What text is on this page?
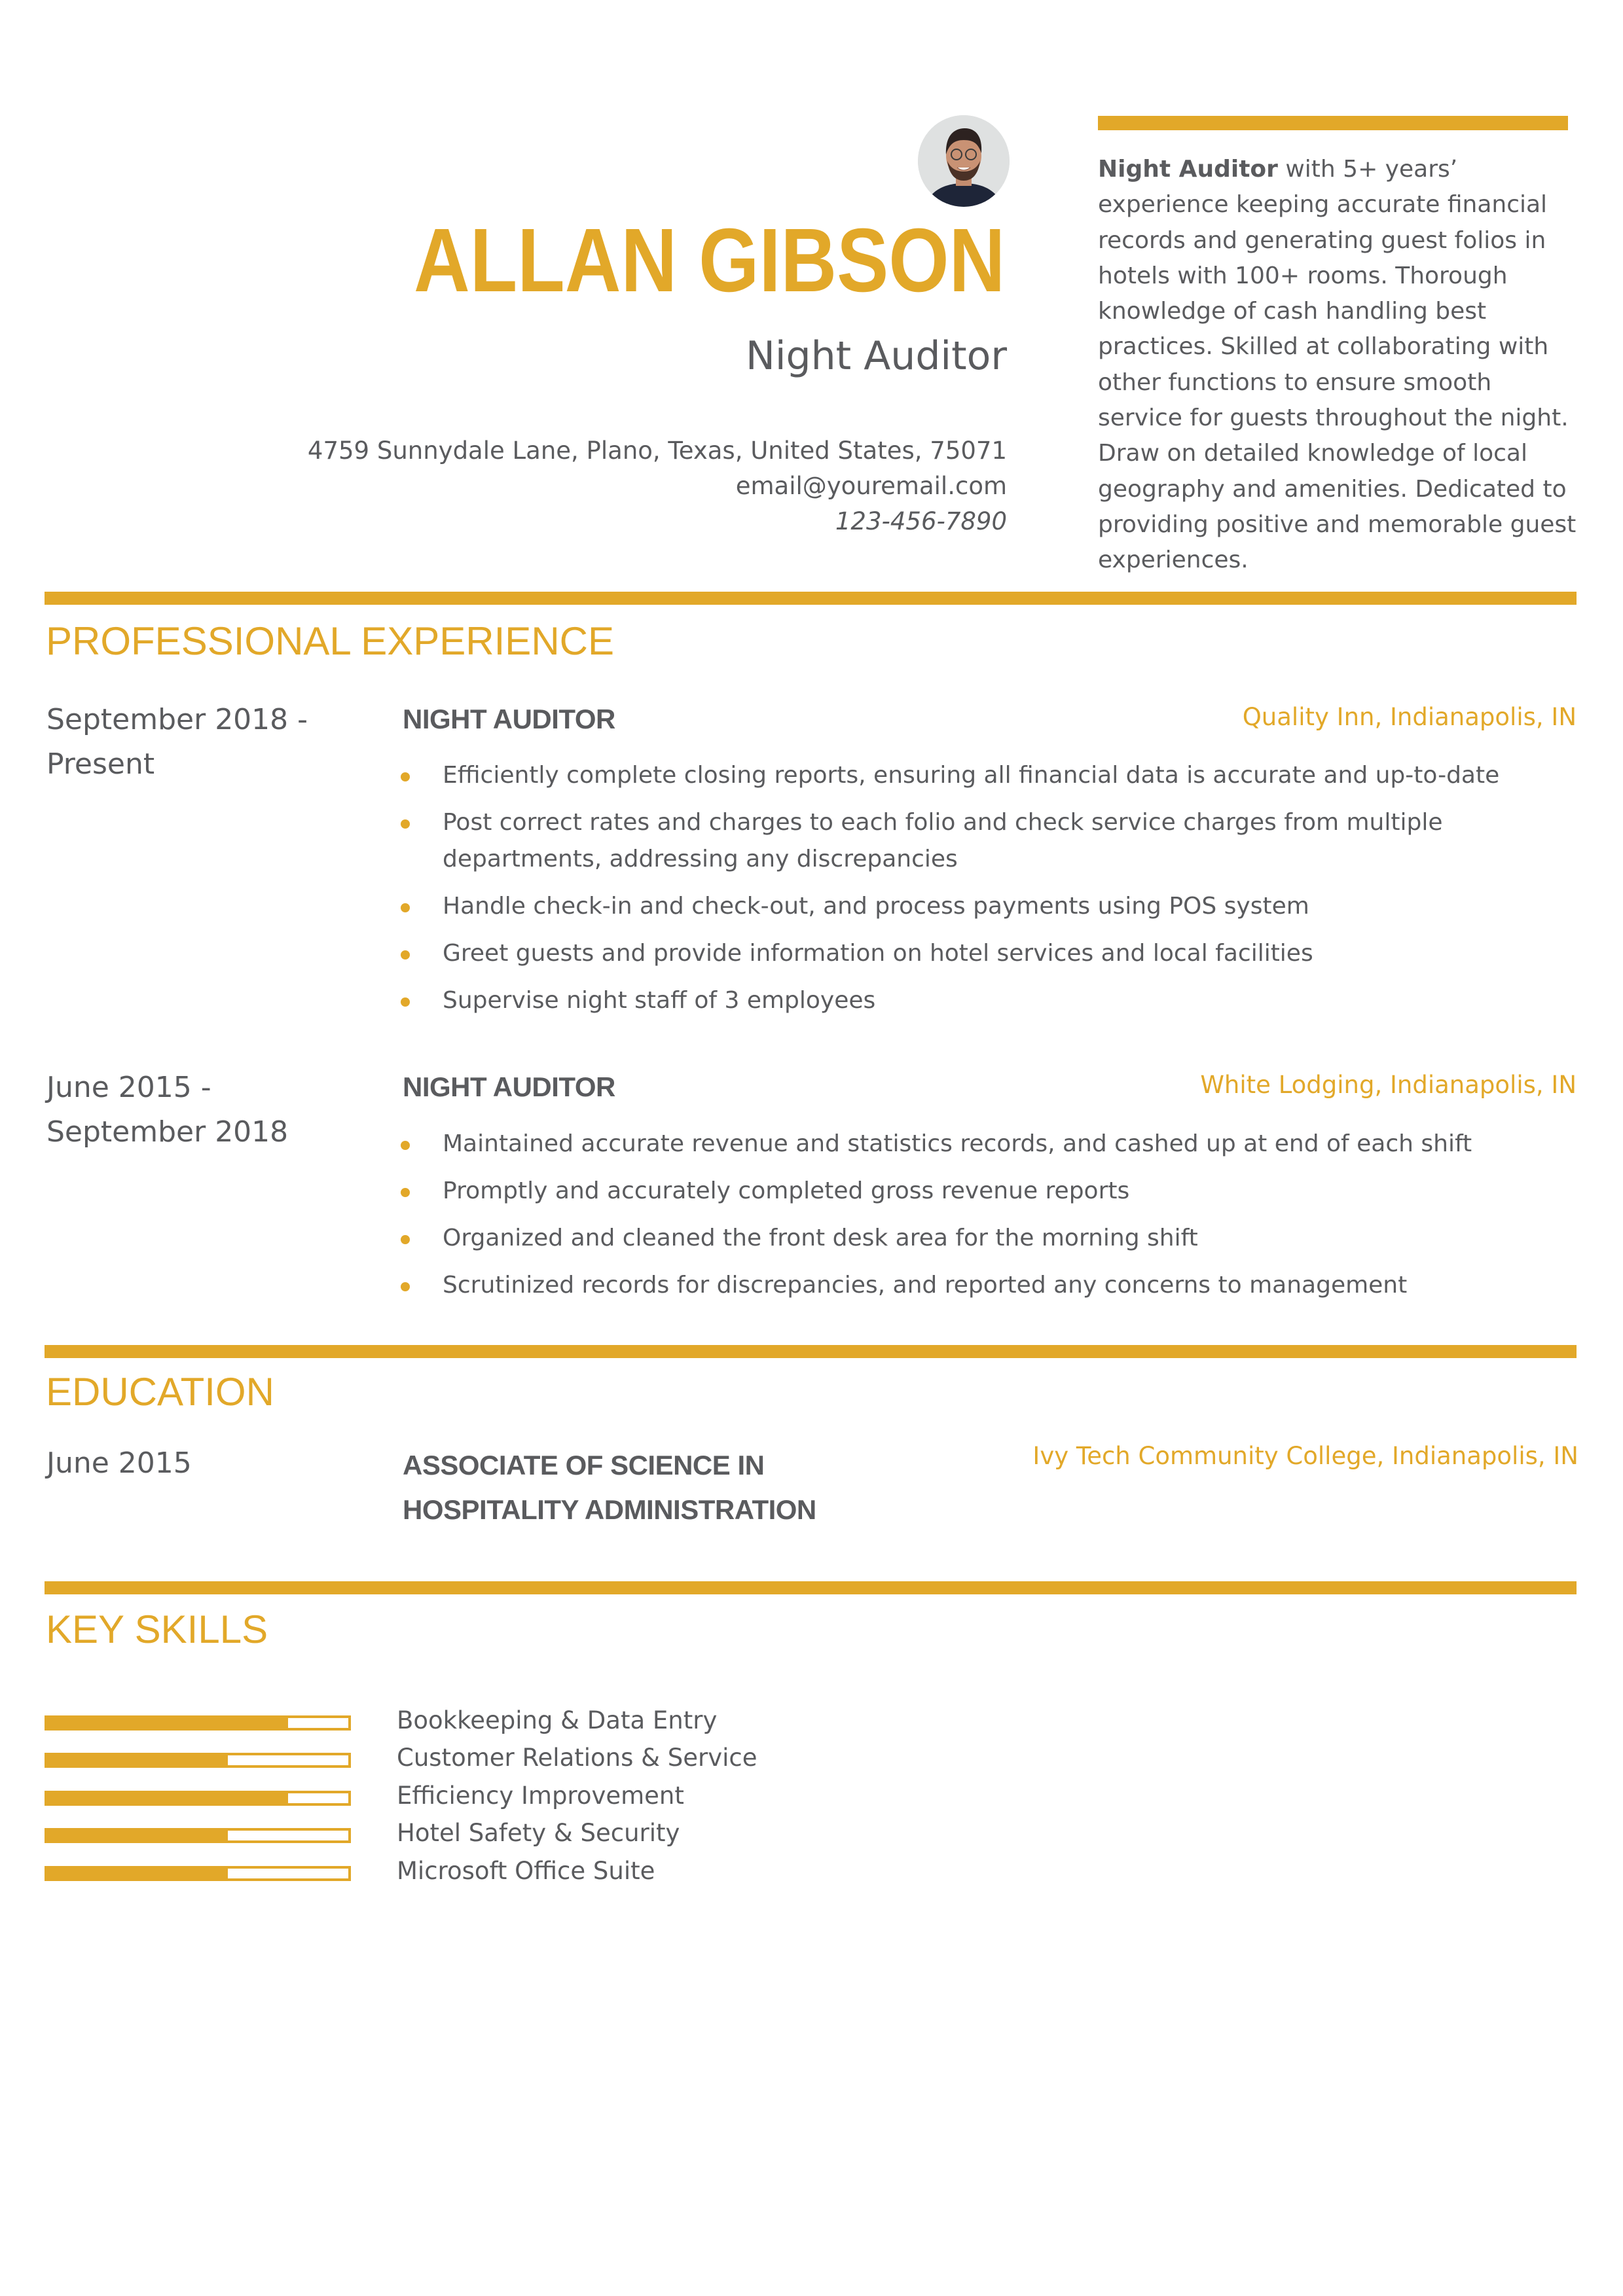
ALLAN GIBSON
Night Auditor
4759 Sunnydale Lane, Plano, Texas, United States, 75071
email@youremail.com
123-456-7890
Night Auditor with 5+ years’ experience keeping accurate financial records and generating guest folios in hotels with 100+ rooms. Thorough knowledge of cash handling best practices. Skilled at collaborating with other functions to ensure smooth service for guests throughout the night. Draw on detailed knowledge of local geography and amenities. Dedicated to providing positive and memorable guest experiences.
PROFESSIONAL EXPERIENCE
September 2018 - Present
NIGHT AUDITOR	Quality Inn, Indianapolis, IN
Efficiently complete closing reports, ensuring all financial data is accurate and up-to-date
Post correct rates and charges to each folio and check service charges from multiple departments, addressing any discrepancies
Handle check-in and check-out, and process payments using POS system
Greet guests and provide information on hotel services and local facilities
Supervise night staff of 3 employees
June 2015 - September 2018
NIGHT AUDITOR	White Lodging, Indianapolis, IN
Maintained accurate revenue and statistics records, and cashed up at end of each shift
Promptly and accurately completed gross revenue reports
Organized and cleaned the front desk area for the morning shift
Scrutinized records for discrepancies, and reported any concerns to management
EDUCATION
June 2015	ASSOCIATE OF SCIENCE IN HOSPITALITY ADMINISTRATION
Ivy Tech Community College, Indianapolis, IN
KEY SKILLS
Bookkeeping & Data Entry
Customer Relations & Service
Efficiency Improvement
Hotel Safety & Security
Microsoft Office Suite
